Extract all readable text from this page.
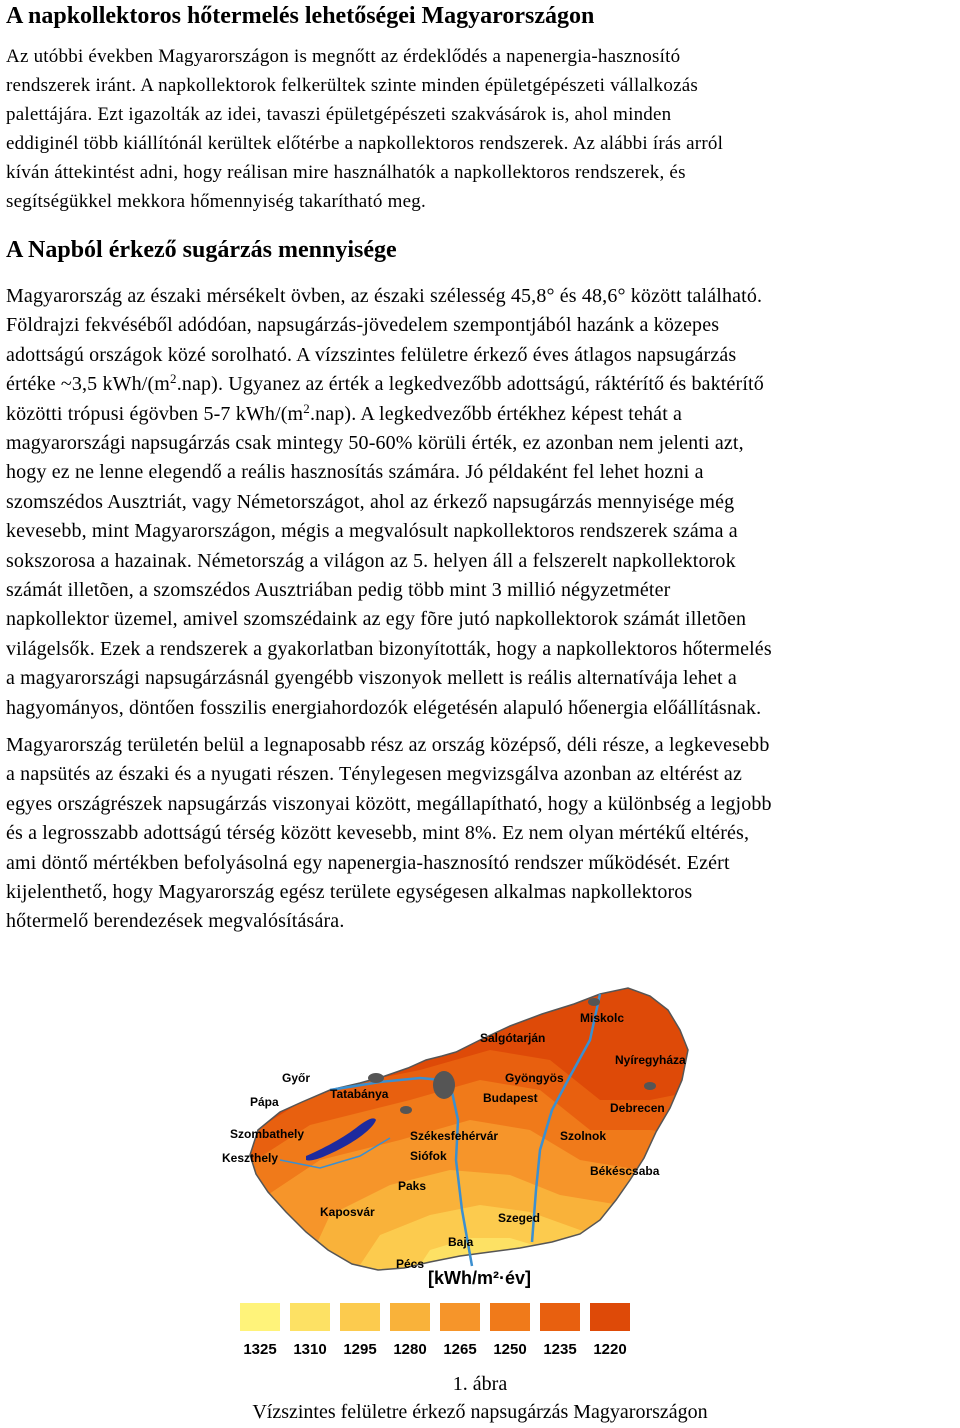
A napkollektoros hőtermelés lehetőségei Magyarországon

Az utóbbi években Magyarországon is megnőtt az érdeklődés a napenergia-hasznosító
rendszerek iránt. A napkollektorok felkerültek szinte minden épületgépészeti vállalkozás
palettájára. Ezt igazolták az idei, tavaszi épületgépészeti szakvásárok is, ahol minden
eddiginél több kiállítónál kerültek előtérbe a napkollektoros rendszerek. Az alábbi írás arról
kíván áttekintést adni, hogy reálisan mire használhatók a napkollektoros rendszerek, és
segítségükkel mekkora hőmennyiség takarítható meg.

A Napból érkező sugárzás mennyisége

Magyarország az északi mérsékelt övben, az északi szélesség 45,8° és 48,6° között található.
Földrajzi fekvéséből adódóan, napsugárzás-jövedelem szempontjából hazánk a közepes
adottságú országok közé sorolható. A vízszintes felületre érkező éves átlagos napsugárzás
értéke ~3,5 kWh/$(m^2.nap)$. Ugyanez az érték a legkedvezőbb adottságú, ráktérítő és baktérítő
közötti trópusi égövben 5-7 kWh/$(m^2.nap)$. A legkedvezőbb értékhez képest tehát a
magyarországi napsugárzás csak mintegy 50-60% körüli érték, ez azonban nem jelenti azt,
hogy ez ne lenne elegendő a reális hasznosítás számára. Jó példaként fel lehet hozni a
szomszédos Ausztriát, vagy Németországot, ahol az érkező napsugárzás mennyisége még
kevesebb, mint Magyarországon, mégis a megvalósult napkollektoros rendszerek száma a
sokszorosa a hazainak. Németország a világon az 5. helyen áll a felszerelt napkollektorok
számát illetõen, a szomszédos Ausztriában pedig több mint 3 millió négyzetméter
napkollektor üzemel, amivel szomszédaink az egy fõre jutó napkollektorok számát illetõen
világelsők. Ezek a rendszerek a gyakorlatban bizonyították, hogy a napkollektoros hőtermelés
a magyarországi napsugárzásnál gyengébb viszonyok mellett is reális alternatívája lehet a
hagyományos, döntően fosszilis energiahordozók elégetésén alapuló hőenergia előállításnak.

Magyarország területén belül a legnaposabb rész az ország középső, déli része, a legkevesebb
a napsütés az északi és a nyugati részen. Ténylegesen megvizsgálva azonban az eltérést az
egyes országrészek napsugárzás viszonyai között, megállapítható, hogy a különbség a legjobb
és a legrosszabb adottságú térség között kevesebb, mint 8%. Ez nem olyan mértékű eltérés,
ami döntő mértékben befolyásolná egy napenergia-hasznosító rendszer működését. Ezért
kijelenthető, hogy Magyarország egész területe egységesen alkalmas napkollektoros
hőtermelő berendezések megvalósítására.

Miskolc
Salgótarján
Nyíregyháza
Győr
Tatabánya
Gyöngyös
Pápa	Budapest
Debrecen
Szombathely	Székesfehérvár	Szolnok
Keszthely	Siófok
Békéscsaba
Paks
Kaposvár	Szeged
Baja
Pécs
[kWh/m²·év]
1325 1310 1295 1280 1265 1250 1235 1220

1. ábra

Vízszintes felületre érkező napsugárzás Magyarországon
